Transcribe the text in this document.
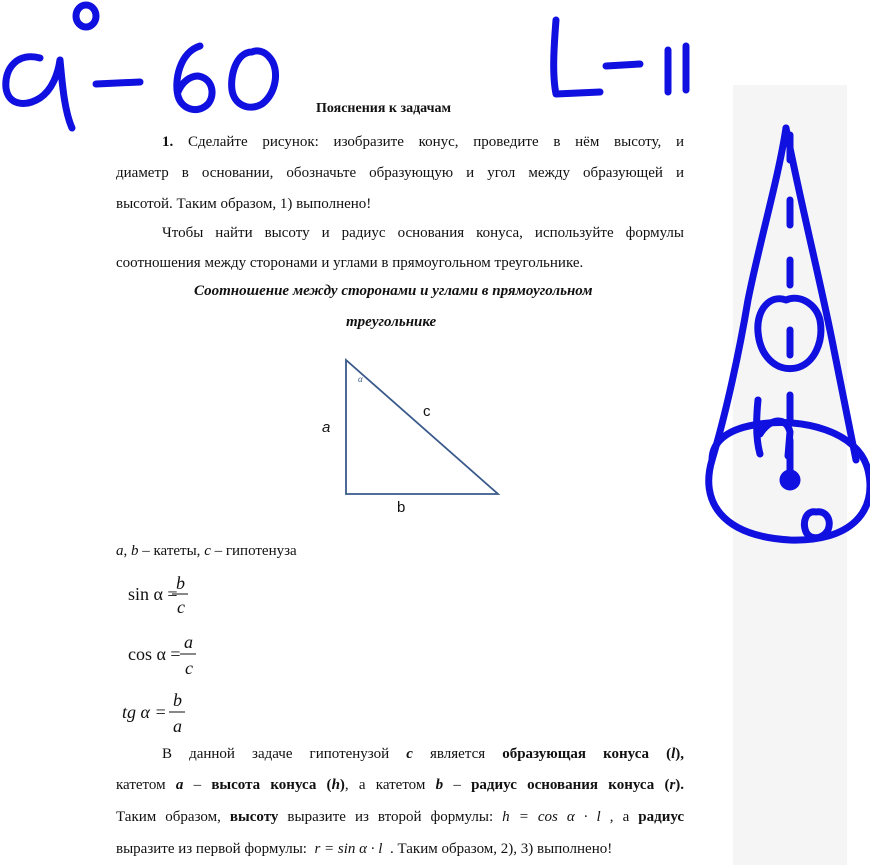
Пояснения к задачам
1. Сделайте рисунок: изобразите конус, проведите в нём высоту, и
диаметр в основании, обозначьте образующую и угол между образующей и
высотой. Таким образом, 1) выполнено!
Чтобы найти высоту и радиус основания конуса, используйте формулы
соотношения между сторонами и углами в прямоугольном треугольнике.
Соотношение между сторонами и углами в прямоугольном
треугольнике
α
a
c
b
a, b – катеты, c – гипотенуза
sin α =
b
c
cos α =
a
c
tg α =
b
a
В данной задаче гипотенузой c является образующая конуса (l),
катетом a – высота конуса (h), а катетом b – радиус основания конуса (r).
Таким образом, высоту выразите из второй формулы: h = cos α · l , а радиус
выразите из первой формулы: r = sin α · l . Таким образом, 2), 3) выполнено!
